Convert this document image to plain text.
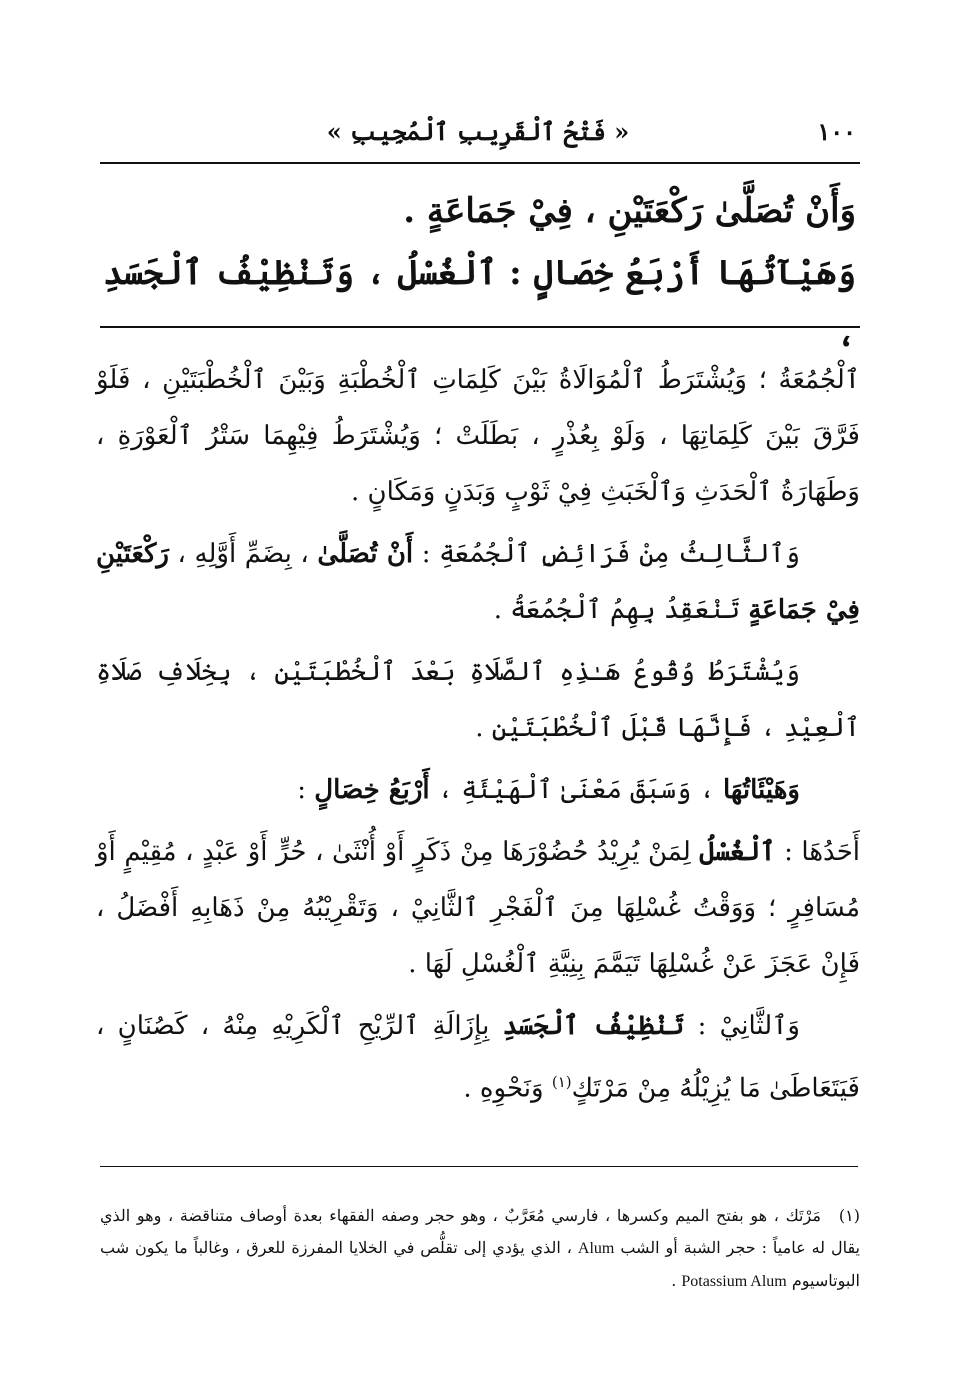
١٠٠
« فَتْحُ ٱلْقَرِيبِ ٱلْمُجِيبِ »

وَأَنْ تُصَلَّىٰ رَكْعَتَيْنِ ، فِيْ جَمَاعَةٍ .

وَهَيْآتُهَا أَرْبَعُ خِصَالٍ : ٱلْغُسْلُ ، وَتَنْظِيْفُ ٱلْجَسَدِ ،

ٱلْجُمُعَةُ ؛ وَيُشْتَرَطُ ٱلْمُوَالَاةُ بَيْنَ كَلِمَاتِ ٱلْخُطْبَةِ وَبَيْنَ ٱلْخُطْبَتَيْنِ ، فَلَوْ فَرَّقَ بَيْنَ كَلِمَاتِهَا ، وَلَوْ بِعُذْرٍ ، بَطَلَتْ ؛ وَيُشْتَرَطُ فِيْهِمَا سَتْرُ ٱلْعَوْرَةِ ، وَطَهَارَةُ ٱلْحَدَثِ وَٱلْخَبَثِ فِيْ ثَوْبٍ وَبَدَنٍ وَمَكَانٍ .

وَٱلثَّالِثُ مِنْ فَرَائِضِ ٱلْجُمُعَةِ : أَنْ تُصَلَّىٰ ، بِضَمِّ أَوَّلِهِ ، رَكْعَتَيْنِ فِيْ جَمَاعَةٍ تَنْعَقِدُ بِهِمُ ٱلْجُمُعَةُ .

وَيُشْتَرَطُ وُقُوعُ هَـٰذِهِ ٱلصَّلَاةِ بَعْدَ ٱلْخُطْبَتَيْنِ ، بِخِلَافِ صَلَاةِ ٱلْعِيْدِ ، فَإِنَّهَا قَبْلَ ٱلْخُطْبَتَيْنِ .

وَهَيْئَاتُهَا ، وَسَبَقَ مَعْنَىٰ ٱلْهَيْئَةِ ، أَرْبَعُ خِصَالٍ :

أَحَدُهَا : ٱلْغُسْلُ لِمَنْ يُرِيْدُ حُضُوْرَهَا مِنْ ذَكَرٍ أَوْ أُنْثَىٰ ، حُرٍّ أَوْ عَبْدٍ ، مُقِيْمٍ أَوْ مُسَافِرٍ ؛ وَوَقْتُ غُسْلِهَا مِنَ ٱلْفَجْرِ ٱلثَّانِيْ ، وَتَقْرِيْبُهُ مِنْ ذَهَابِهِ أَفْضَلُ ، فَإِنْ عَجَزَ عَنْ غُسْلِهَا تَيَمَّمَ بِنِيَّةِ ٱلْغُسْلِ لَهَا .

وَٱلثَّانِيْ : تَنْظِيْفُ ٱلْجَسَدِ بِإِزَالَةِ ٱلرِّيْحِ ٱلْكَرِيْهِ مِنْهُ ، كَصُنَانٍ ، فَيَتَعَاطَىٰ مَا يُزِيْلُهُ مِنْ مَرْتَكٍ$^{(١)}$ وَنَحْوِهِ .

(١)مَرْتَك ، هو بفتح الميم وكسرها ، فارسي مُعَرَّبٌ ، وهو حجر وصفه الفقهاء بعدة أوصاف متناقضة ، وهو الذي يقال له عامياً : حجر الشبة أو الشب Alum ، الذي يؤدي إلى تقلُّص في الخلايا المفرزة للعرق ، وغالباً ما يكون شب البوتاسيوم Potassium Alum .
